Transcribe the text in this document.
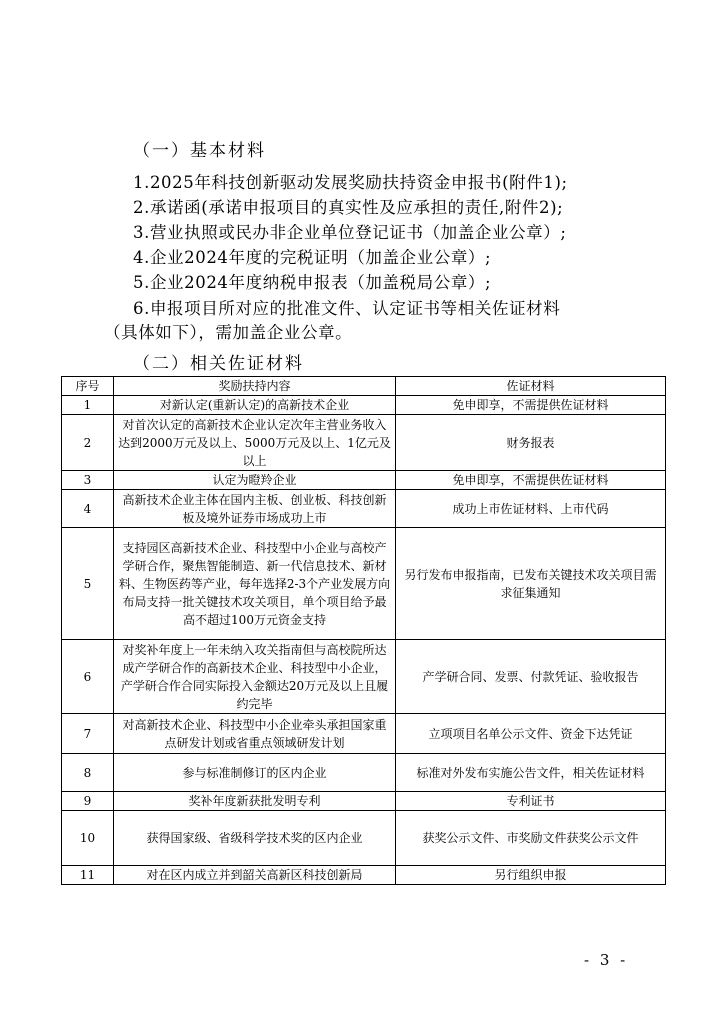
（一）基本材料
1.2025年科技创新驱动发展奖励扶持资金申报书(附件1);
2.承诺函(承诺申报项目的真实性及应承担的责任,附件2);
3.营业执照或民办非企业单位登记证书（加盖企业公章）;
4.企业2024年度的完税证明（加盖企业公章）;
5.企业2024年度纳税申报表（加盖税局公章）;
6.申报项目所对应的批准文件、认定证书等相关佐证材料
（具体如下），需加盖企业公章。
（二）相关佐证材料
序号	奖励扶持内容	佐证材料
1	对新认定(重新认定)的高新技术企业	免申即享，不需提供佐证材料
2	对首次认定的高新技术企业认定次年主营业务收入达到2000万元及以上、5000万元及以上、1亿元及以上	财务报表
3	认定为瞪羚企业	免申即享，不需提供佐证材料
4	高新技术企业主体在国内主板、创业板、科技创新板及境外证券市场成功上市	成功上市佐证材料、上市代码
5	支持园区高新技术企业、科技型中小企业与高校产学研合作，聚焦智能制造、新一代信息技术、新材料、生物医药等产业，每年选择2-3个产业发展方向布局支持一批关键技术攻关项目，单个项目给予最高不超过100万元资金支持	另行发布申报指南，已发布关键技术攻关项目需求征集通知
6	对奖补年度上一年未纳入攻关指南但与高校院所达成产学研合作的高新技术企业、科技型中小企业，产学研合作合同实际投入金额达20万元及以上且履约完毕	产学研合同、发票、付款凭证、验收报告
7	对高新技术企业、科技型中小企业牵头承担国家重点研发计划或省重点领域研发计划	立项项目名单公示文件、资金下达凭证
8	参与标准制修订的区内企业	标准对外发布实施公告文件，相关佐证材料
9	奖补年度新获批发明专利	专利证书
10	获得国家级、省级科学技术奖的区内企业	获奖公示文件、市奖励文件获奖公示文件
11	对在区内成立并到韶关高新区科技创新局	另行组织申报
- 3 -
